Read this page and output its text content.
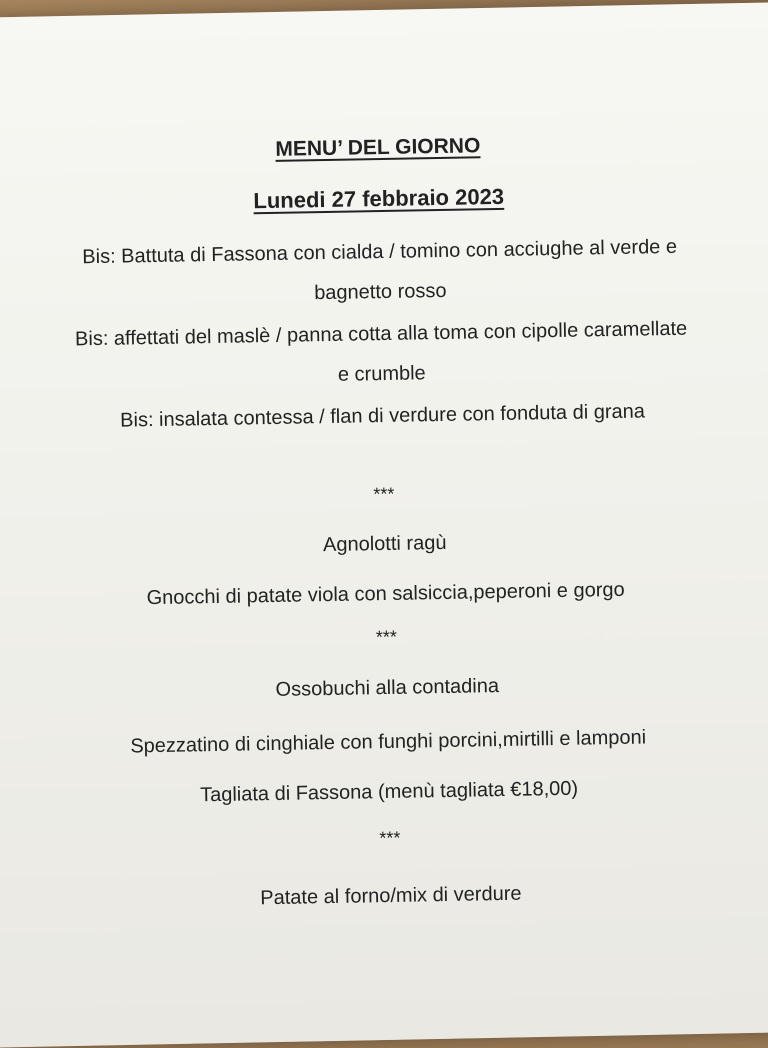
MENU’ DEL GIORNO
Lunedi 27 febbraio 2023
Bis: Battuta di Fassona con cialda / tomino con acciughe al verde e bagnetto rosso
Bis: affettati del maslè / panna cotta alla toma con cipolle caramellate e crumble
Bis: insalata contessa / flan di verdure con fonduta di grana
***
Agnolotti ragù
Gnocchi di patate viola con salsiccia,peperoni e gorgo
***
Ossobuchi alla contadina
Spezzatino di cinghiale con funghi porcini,mirtilli e lamponi
Tagliata di Fassona (menù tagliata €18,00)
***
Patate al forno/mix di verdure
